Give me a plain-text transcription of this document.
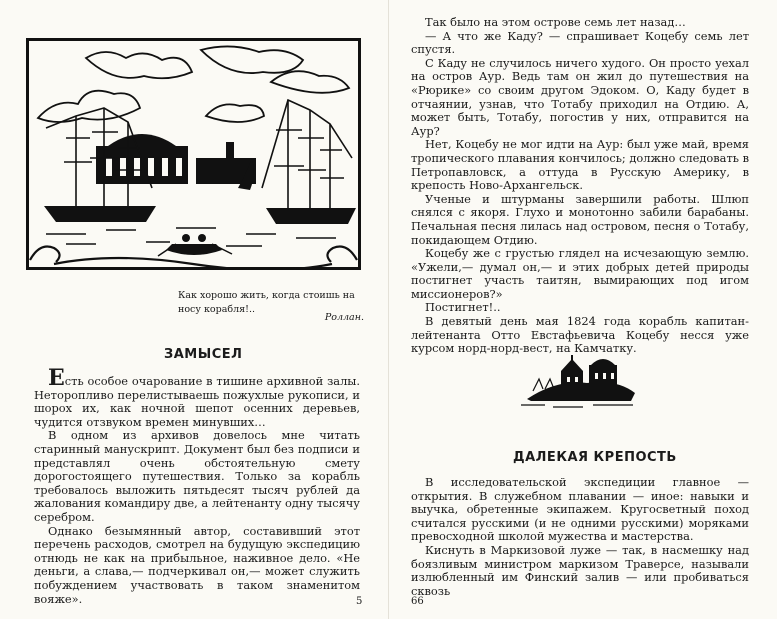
Как хорошо жить, когда стоишь на носу корабля!..
Роллан.
ЗАМЫСЕЛ

Есть особое очарование в тишине архивной залы. Неторопливо перелистываешь пожухлые рукописи, и шорох их, как ночной шепот осенних деревьев, чудится отзвуком времен минувших…

В одном из архивов довелось мне читать старинный манускрипт. Документ был без подписи и представлял очень обстоятельную смету дорогостоящего путешествия. Только за корабль требовалось выложить пятьдесят тысяч рублей да жалования командиру две, а лейтенанту одну тысячу серебром.

Однако безымянный автор, составивший этот перечень расходов, смотрел на будущую экспедицию отнюдь не как на прибыльное, наживное дело. «Не деньги, а слава,— подчеркивал он,— может служить побуждением участвовать в таком знаменитом вояже».	5

Так было на этом острове семь лет назад…

— А что же Каду? — спрашивает Коцебу семь лет спустя.

С Каду не случилось ничего худого. Он просто уехал на остров Аур. Ведь там он жил до путешествия на «Рюрике» со своим другом Эдоком. О, Каду будет в отчаянии, узнав, что Тотабу приходил на Отдию. А, может быть, Тотабу, погостив у них, отправится на Аур?

Нет, Коцебу не мог идти на Аур: был уже май, время тропического плавания кончилось; должно следовать в Петропавловск, а оттуда в Русскую Америку, в крепость Ново-Архангельск.

Ученые и штурманы завершили работы. Шлюп снялся с якоря. Глухо и монотонно забили барабаны. Печальная песня лилась над островом, песня о Тотабу, покидающем Отдию.

Коцебу же с грустью глядел на исчезающую землю. «Ужели,— думал он,— и этих добрых детей природы постигнет участь таитян, вымирающих под игом миссионеров?»

Постигнет!..

В девятый день мая 1824 года корабль капитан-лейтенанта Отто Евстафьевича Коцебу несся уже курсом норд-норд-вест, на Камчатку.

ДАЛЕКАЯ КРЕПОСТЬ

В исследовательской экспедиции главное — открытия. В служебном плавании — иное: навыки и выучка, обретенные экипажем. Кругосветный поход считался русскими (и не одними русскими) моряками превосходной школой мужества и мастерства.

Киснуть в Маркизовой луже — так, в насмешку над боязливым министром маркизом Траверсе, называли излюбленный им Финский залив — или пробиваться сквозь

66
